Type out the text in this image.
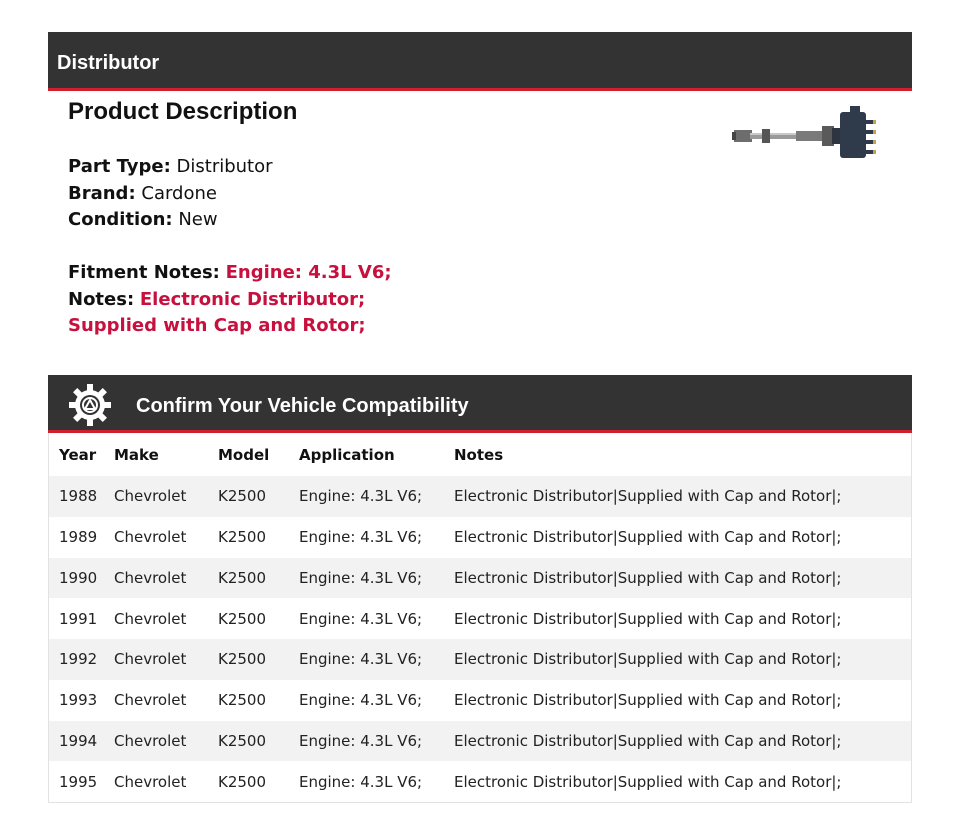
Distributor
Product Description
Part Type: Distributor
Brand: Cardone
Condition: New
Fitment Notes: Engine: 4.3L V6;
Notes: Electronic Distributor; Supplied with Cap and Rotor;
Confirm Your Vehicle Compatibility
Year	Make	Model	Application	Notes
1988	Chevrolet	K2500	Engine: 4.3L V6;	Electronic Distributor|Supplied with Cap and Rotor|;
1989	Chevrolet	K2500	Engine: 4.3L V6;	Electronic Distributor|Supplied with Cap and Rotor|;
1990	Chevrolet	K2500	Engine: 4.3L V6;	Electronic Distributor|Supplied with Cap and Rotor|;
1991	Chevrolet	K2500	Engine: 4.3L V6;	Electronic Distributor|Supplied with Cap and Rotor|;
1992	Chevrolet	K2500	Engine: 4.3L V6;	Electronic Distributor|Supplied with Cap and Rotor|;
1993	Chevrolet	K2500	Engine: 4.3L V6;	Electronic Distributor|Supplied with Cap and Rotor|;
1994	Chevrolet	K2500	Engine: 4.3L V6;	Electronic Distributor|Supplied with Cap and Rotor|;
1995	Chevrolet	K2500	Engine: 4.3L V6;	Electronic Distributor|Supplied with Cap and Rotor|;
